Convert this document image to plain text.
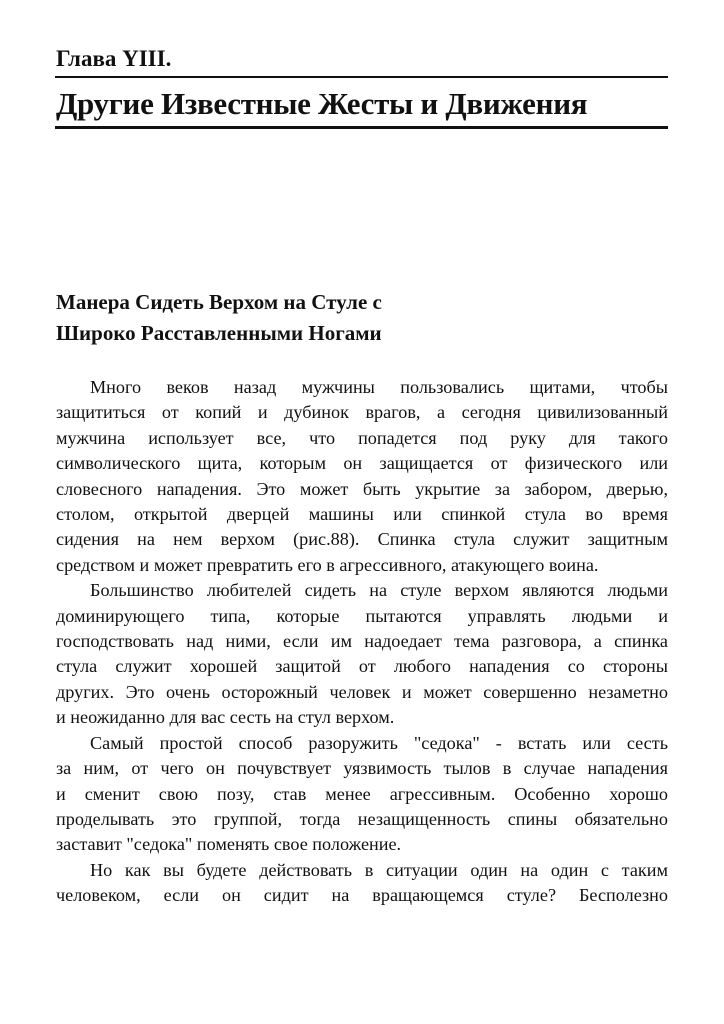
Глава YIII.
Другие Известные Жесты и Движения
Манера Сидеть Верхом на Стуле с
Широко Расставленными Ногами
Много веков назад мужчины пользовались щитами, чтобы
защититься от копий и дубинок врагов, а сегодня цивилизованный
мужчина использует все, что попадется под руку для такого
символического щита, которым он защищается от физического или
словесного нападения. Это может быть укрытие за забором, дверью,
столом, открытой дверцей машины или спинкой стула во время
сидения на нем верхом (рис.88). Спинка стула служит защитным
средством и может превратить его в агрессивного, атакующего воина.
Большинство любителей сидеть на стуле верхом являются людьми
доминирующего типа, которые пытаются управлять людьми и
господствовать над ними, если им надоедает тема разговора, а спинка
стула служит хорошей защитой от любого нападения со стороны
других. Это очень осторожный человек и может совершенно незаметно
и неожиданно для вас сесть на стул верхом.
Самый простой способ разоружить "седока" - встать или сесть
за ним, от чего он почувствует уязвимость тылов в случае нападения
и сменит свою позу, став менее агрессивным. Особенно хорошо
проделывать это группой, тогда незащищенность спины обязательно
заставит "седока" поменять свое положение.
Но как вы будете действовать в ситуации один на один с таким
человеком, если он сидит на вращающемся стуле? Бесполезно
